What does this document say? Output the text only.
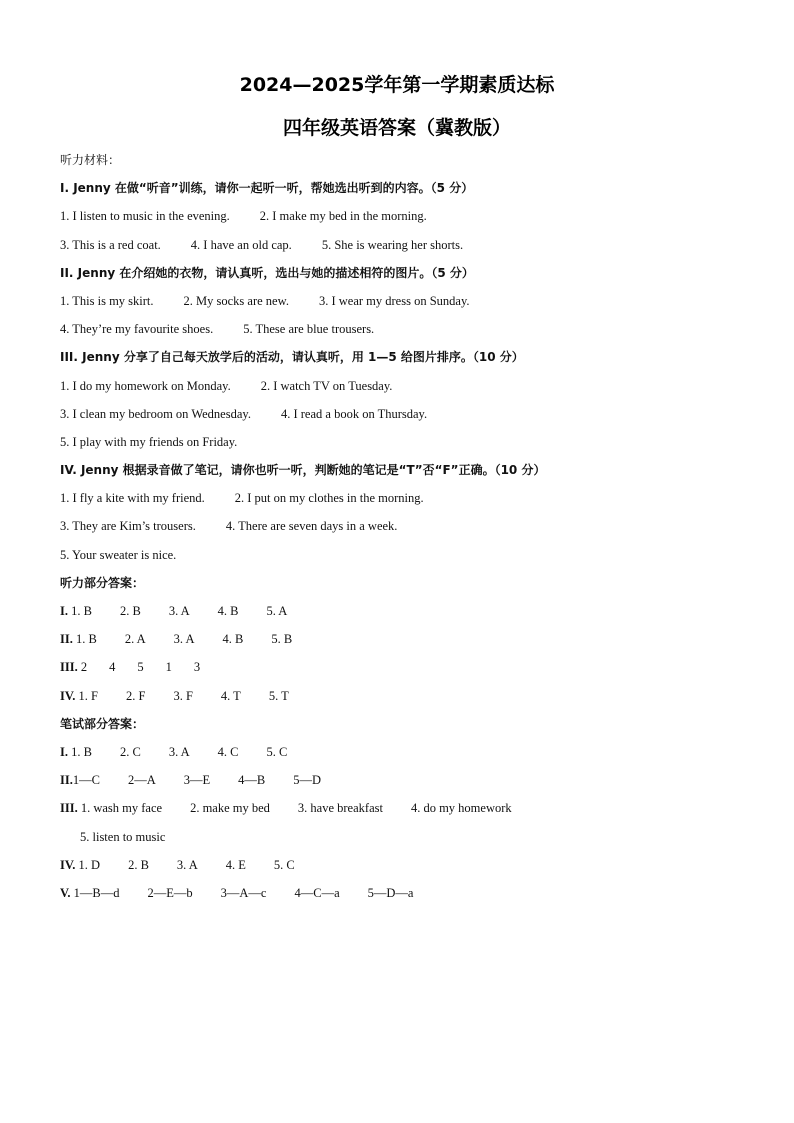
2024—2025学年第一学期素质达标
四年级英语答案（冀教版）
听力材料：
I. Jenny 在做“听音”训练，请你一起听一听，帮她选出听到的内容。（5 分）
1. I listen to music in the evening. 2. I make my bed in the morning.
3. This is a red coat. 4. I have an old cap. 5. She is wearing her shorts.
II. Jenny 在介绍她的衣物，请认真听，选出与她的描述相符的图片。（5 分）
1. This is my skirt. 2. My socks are new. 3. I wear my dress on Sunday.
4. They’re my favourite shoes. 5. These are blue trousers.
III. Jenny 分享了自己每天放学后的活动，请认真听，用 1—5 给图片排序。（10 分）
1. I do my homework on Monday. 2. I watch TV on Tuesday.
3. I clean my bedroom on Wednesday. 4. I read a book on Thursday.
5. I play with my friends on Friday.
IV. Jenny 根据录音做了笔记，请你也听一听，判断她的笔记是“T”否“F”正确。（10 分）
1. I fly a kite with my friend. 2. I put on my clothes in the morning.
3. They are Kim’s trousers. 4. There are seven days in a week.
5. Your sweater is nice.
听力部分答案：
I. 1. B 2. B 3. A 4. B 5. A
II. 1. B 2. A 3. A 4. B 5. B
III. 2 4 5 1 3
IV. 1. F 2. F 3. F 4. T 5. T
笔试部分答案：
I. 1. B 2. C 3. A 4. C 5. C
II.1—C 2—A 3—E 4—B 5—D
III. 1. wash my face 2. make my bed 3. have breakfast 4. do my homework
5. listen to music
IV. 1. D 2. B 3. A 4. E 5. C
V. 1—B—d 2—E—b 3—A—c 4—C—a 5—D—a
